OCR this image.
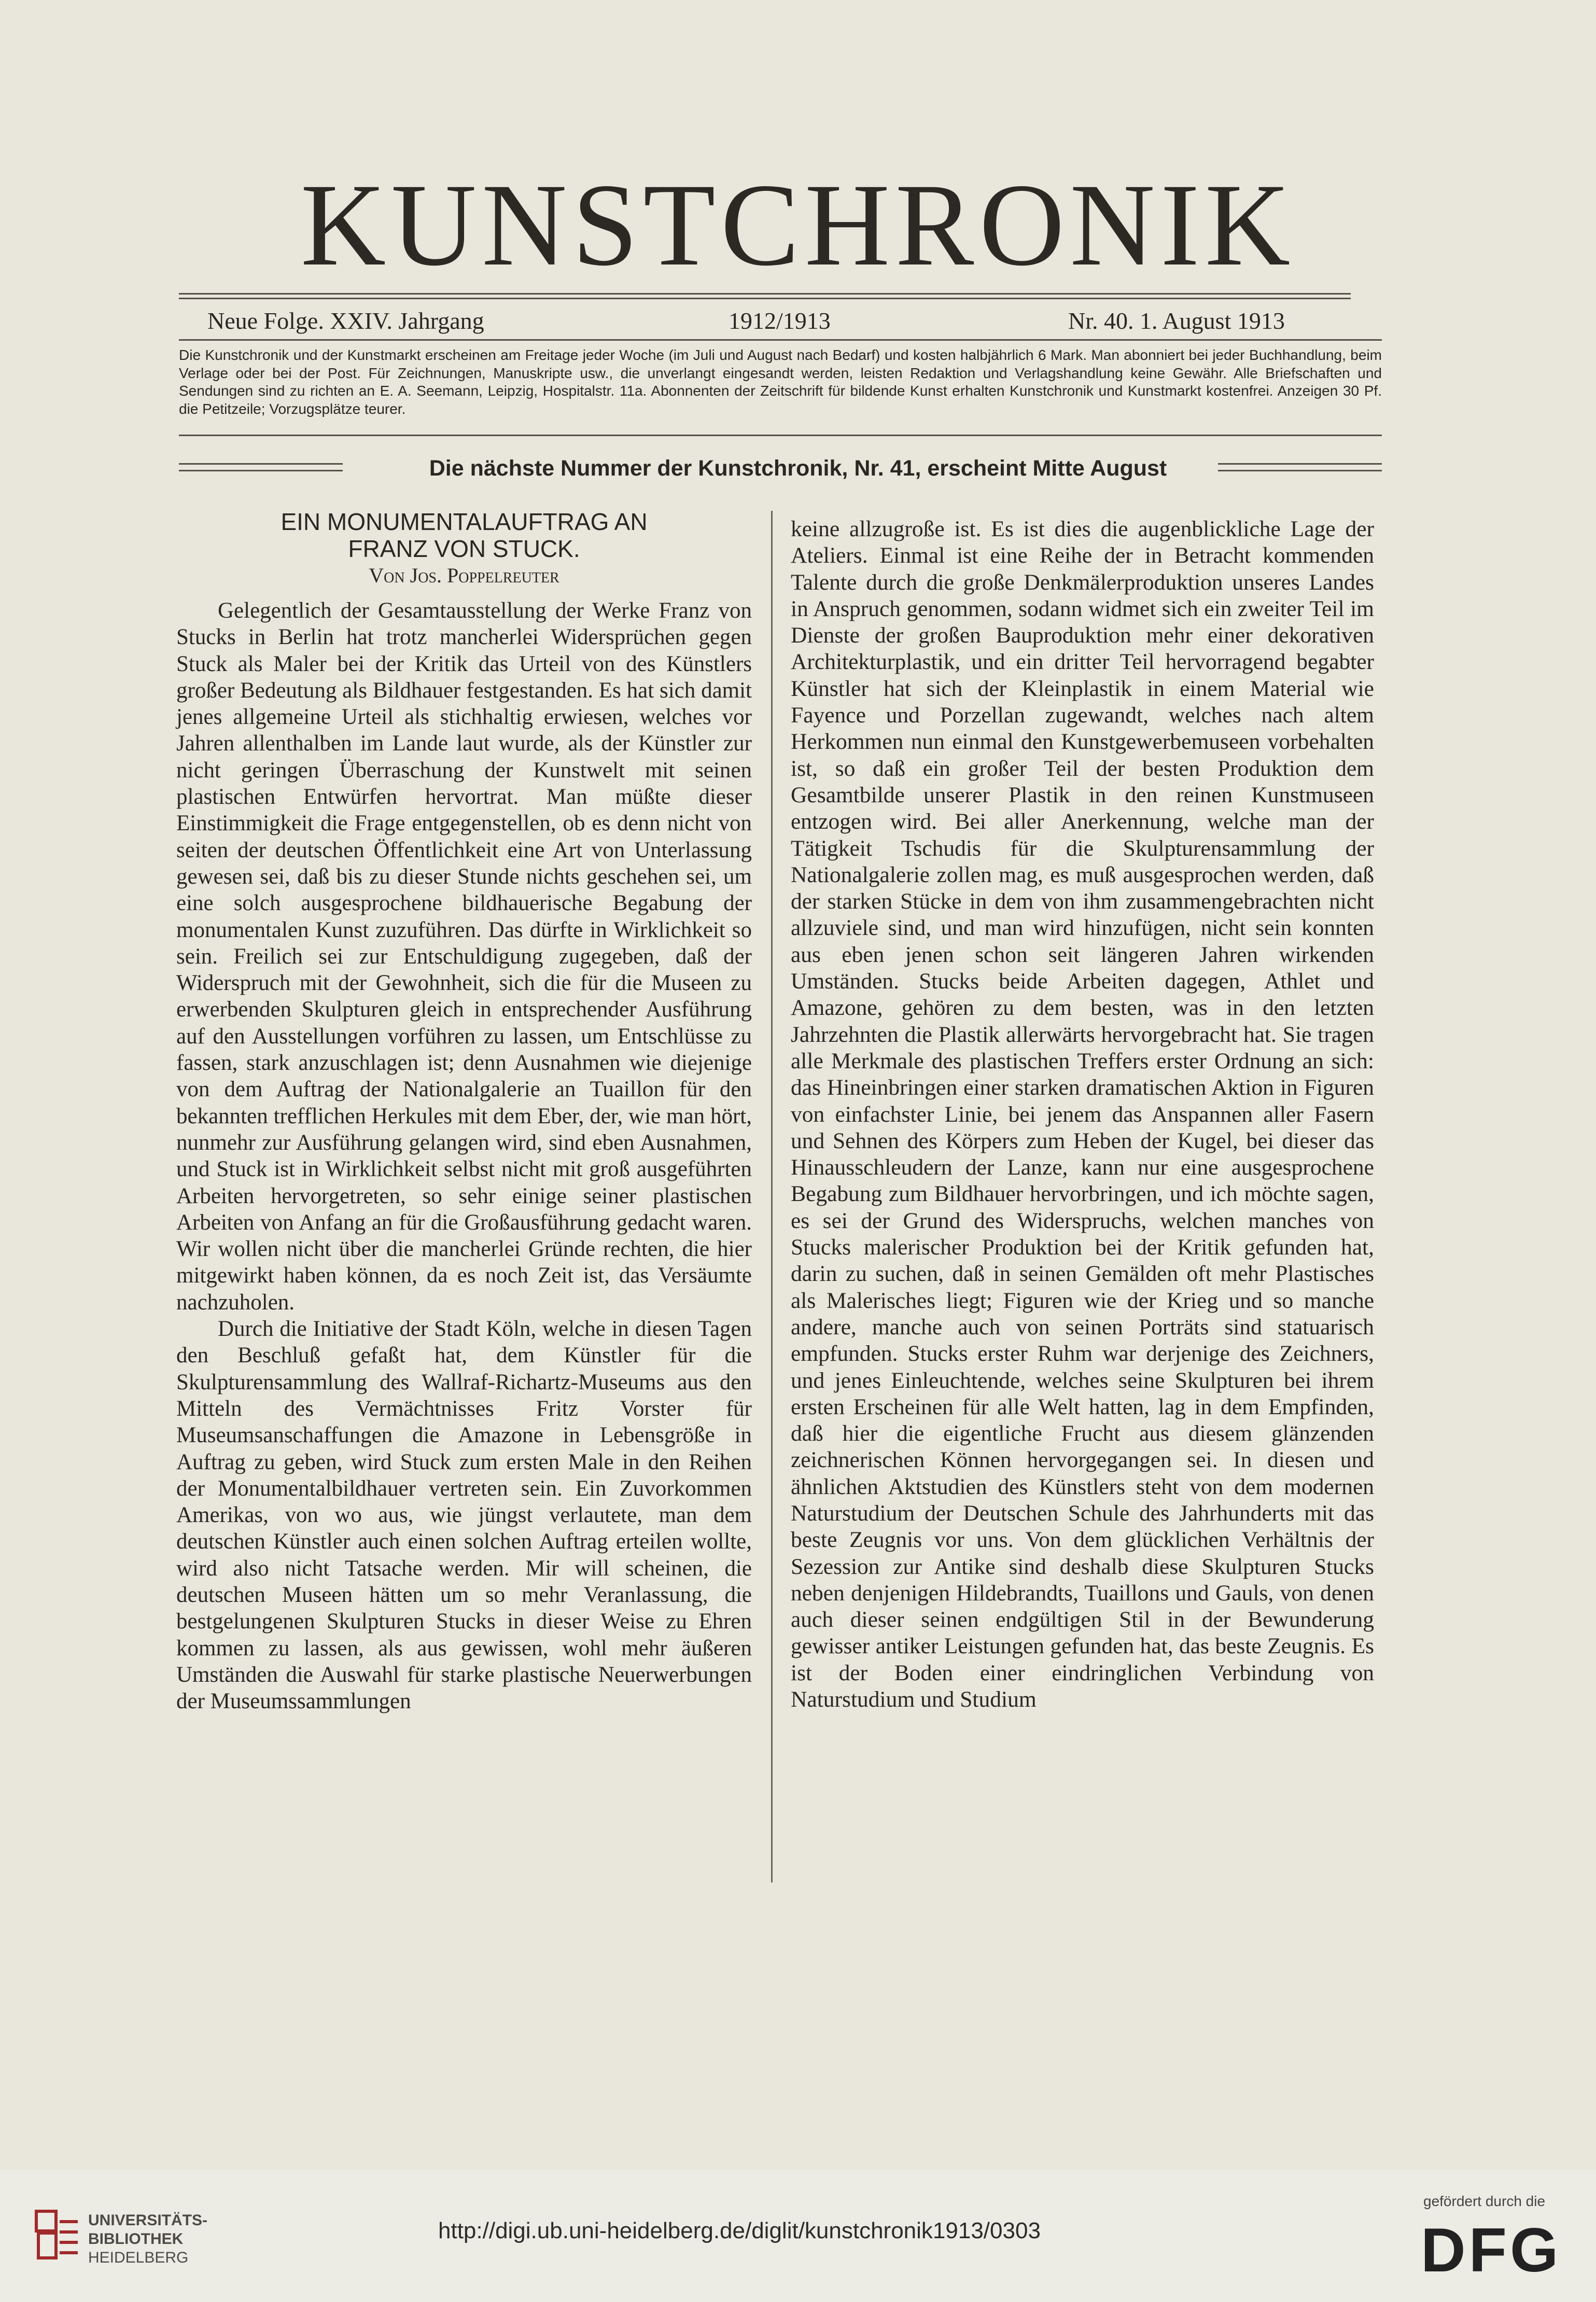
KUNSTCHRONIK
Neue Folge. XXIV. Jahrgang	1912/1913	Nr. 40. 1. August 1913
Die Kunstchronik und der Kunstmarkt erscheinen am Freitage jeder Woche (im Juli und August nach Bedarf) und kosten halbjährlich 6 Mark. Man abonniert bei jeder Buchhandlung, beim Verlage oder bei der Post. Für Zeichnungen, Manuskripte usw., die unverlangt eingesandt werden, leisten Redaktion und Verlagshandlung keine Gewähr. Alle Briefschaften und Sendungen sind zu richten an E. A. Seemann, Leipzig, Hospitalstr. 11a. Abonnenten der Zeitschrift für bildende Kunst erhalten Kunstchronik und Kunstmarkt kostenfrei. Anzeigen 30 Pf. die Petitzeile; Vorzugsplätze teurer.
Die nächste Nummer der Kunstchronik, Nr. 41, erscheint Mitte August
EIN MONUMENTALAUFTRAG AN
FRANZ VON STUCK.
Von Jos. Poppelreuter

Gelegentlich der Gesamtausstellung der Werke Franz von Stucks in Berlin hat trotz mancherlei Widersprüchen gegen Stuck als Maler bei der Kritik das Urteil von des Künstlers großer Bedeutung als Bildhauer festgestanden. Es hat sich damit jenes allgemeine Urteil als stichhaltig erwiesen, welches vor Jahren allenthalben im Lande laut wurde, als der Künstler zur nicht geringen Überraschung der Kunstwelt mit seinen plastischen Entwürfen hervortrat. Man müßte dieser Einstimmigkeit die Frage entgegenstellen, ob es denn nicht von seiten der deutschen Öffentlichkeit eine Art von Unterlassung gewesen sei, daß bis zu dieser Stunde nichts geschehen sei, um eine solch ausgesprochene bildhauerische Begabung der monumentalen Kunst zuzuführen. Das dürfte in Wirklichkeit so sein. Freilich sei zur Entschuldigung zugegeben, daß der Widerspruch mit der Gewohnheit, sich die für die Museen zu erwerbenden Skulpturen gleich in entsprechender Ausführung auf den Ausstellungen vorführen zu lassen, um Entschlüsse zu fassen, stark anzuschlagen ist; denn Ausnahmen wie diejenige von dem Auftrag der Nationalgalerie an Tuaillon für den bekannten trefflichen Herkules mit dem Eber, der, wie man hört, nunmehr zur Ausführung gelangen wird, sind eben Ausnahmen, und Stuck ist in Wirklichkeit selbst nicht mit groß ausgeführten Arbeiten hervorgetreten, so sehr einige seiner plastischen Arbeiten von Anfang an für die Großausführung gedacht waren. Wir wollen nicht über die mancherlei Gründe rechten, die hier mitgewirkt haben können, da es noch Zeit ist, das Versäumte nachzuholen.

Durch die Initiative der Stadt Köln, welche in diesen Tagen den Beschluß gefaßt hat, dem Künstler für die Skulpturensammlung des Wallraf-Richartz-Museums aus den Mitteln des Vermächtnisses Fritz Vorster für Museumsanschaffungen die Amazone in Lebensgröße in Auftrag zu geben, wird Stuck zum ersten Male in den Reihen der Monumentalbildhauer vertreten sein. Ein Zuvorkommen Amerikas, von wo aus, wie jüngst verlautete, man dem deutschen Künstler auch einen solchen Auftrag erteilen wollte, wird also nicht Tatsache werden. Mir will scheinen, die deutschen Museen hätten um so mehr Veranlassung, die bestgelungenen Skulpturen Stucks in dieser Weise zu Ehren kommen zu lassen, als aus gewissen, wohl mehr äußeren Umständen die Auswahl für starke plastische Neuerwerbungen der Museumssammlungen

keine allzugroße ist. Es ist dies die augenblickliche Lage der Ateliers. Einmal ist eine Reihe der in Betracht kommenden Talente durch die große Denkmälerproduktion unseres Landes in Anspruch genommen, sodann widmet sich ein zweiter Teil im Dienste der großen Bauproduktion mehr einer dekorativen Architekturplastik, und ein dritter Teil hervorragend begabter Künstler hat sich der Kleinplastik in einem Material wie Fayence und Porzellan zugewandt, welches nach altem Herkommen nun einmal den Kunstgewerbemuseen vorbehalten ist, so daß ein großer Teil der besten Produktion dem Gesamtbilde unserer Plastik in den reinen Kunstmuseen entzogen wird. Bei aller Anerkennung, welche man der Tätigkeit Tschudis für die Skulpturensammlung der Nationalgalerie zollen mag, es muß ausgesprochen werden, daß der starken Stücke in dem von ihm zusammengebrachten nicht allzuviele sind, und man wird hinzufügen, nicht sein konnten aus eben jenen schon seit längeren Jahren wirkenden Umständen. Stucks beide Arbeiten dagegen, Athlet und Amazone, gehören zu dem besten, was in den letzten Jahrzehnten die Plastik allerwärts hervorgebracht hat. Sie tragen alle Merkmale des plastischen Treffers erster Ordnung an sich: das Hineinbringen einer starken dramatischen Aktion in Figuren von einfachster Linie, bei jenem das Anspannen aller Fasern und Sehnen des Körpers zum Heben der Kugel, bei dieser das Hinausschleudern der Lanze, kann nur eine ausgesprochene Begabung zum Bildhauer hervorbringen, und ich möchte sagen, es sei der Grund des Widerspruchs, welchen manches von Stucks malerischer Produktion bei der Kritik gefunden hat, darin zu suchen, daß in seinen Gemälden oft mehr Plastisches als Malerisches liegt; Figuren wie der Krieg und so manche andere, manche auch von seinen Porträts sind statuarisch empfunden. Stucks erster Ruhm war derjenige des Zeichners, und jenes Einleuchtende, welches seine Skulpturen bei ihrem ersten Erscheinen für alle Welt hatten, lag in dem Empfinden, daß hier die eigentliche Frucht aus diesem glänzenden zeichnerischen Können hervorgegangen sei. In diesen und ähnlichen Aktstudien des Künstlers steht von dem modernen Naturstudium der Deutschen Schule des Jahrhunderts mit das beste Zeugnis vor uns. Von dem glücklichen Verhältnis der Sezession zur Antike sind deshalb diese Skulpturen Stucks neben denjenigen Hildebrandts, Tuaillons und Gauls, von denen auch dieser seinen endgültigen Stil in der Bewunderung gewisser antiker Leistungen gefunden hat, das beste Zeugnis. Es ist der Boden einer eindringlichen Verbindung von Naturstudium und Studium

UNIVERSITÄTS-
BIBLIOTHEK
HEIDELBERG
http://digi.ub.uni-heidelberg.de/diglit/kunstchronik1913/0303
gefördert durch die
DFG
